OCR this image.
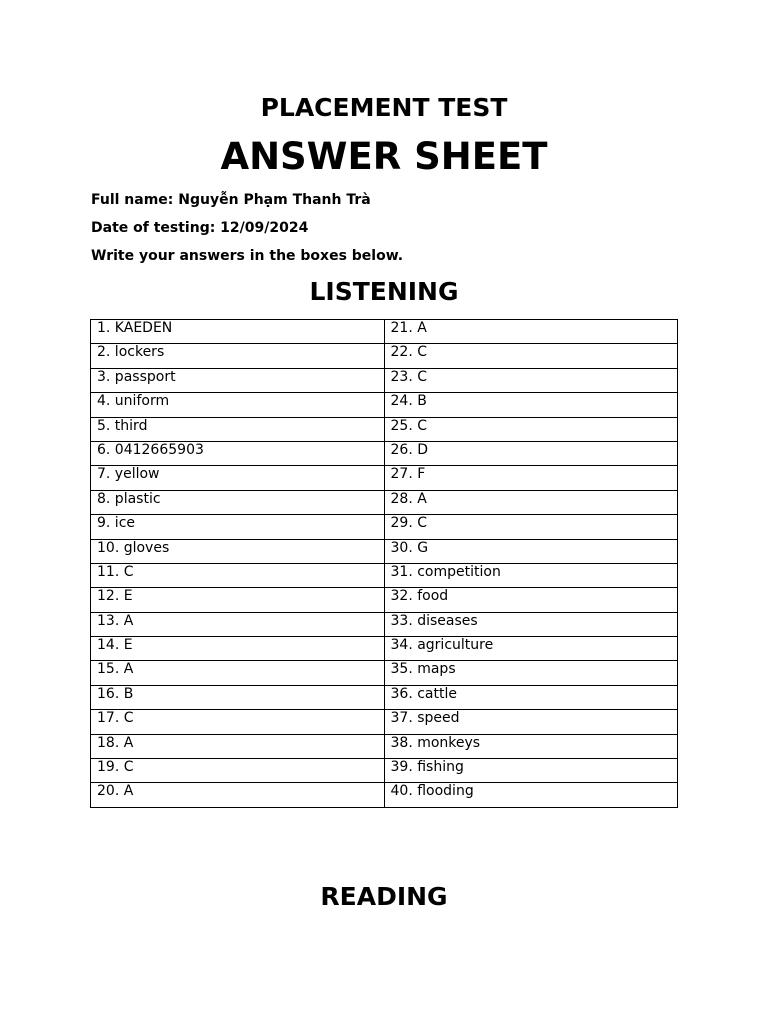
PLACEMENT TEST
ANSWER SHEET
Full name: Nguyễn Phạm Thanh Trà
Date of testing: 12/09/2024
Write your answers in the boxes below.
LISTENING
1. KAEDEN	21. A

2. lockers	22. C

3. passport	23. C

4. uniform	24. B

5. third	25. C

6. 0412665903	26. D

7. yellow	27. F

8. plastic	28. A

9. ice	29. C

10. gloves	30. G

11. C	31. competition

12. E	32. food

13. A	33. diseases

14. E	34. agriculture

15. A	35. maps

16. B	36. cattle

17. C	37. speed

18. A	38. monkeys

19. C	39. fishing

20. A	40. flooding
READING
